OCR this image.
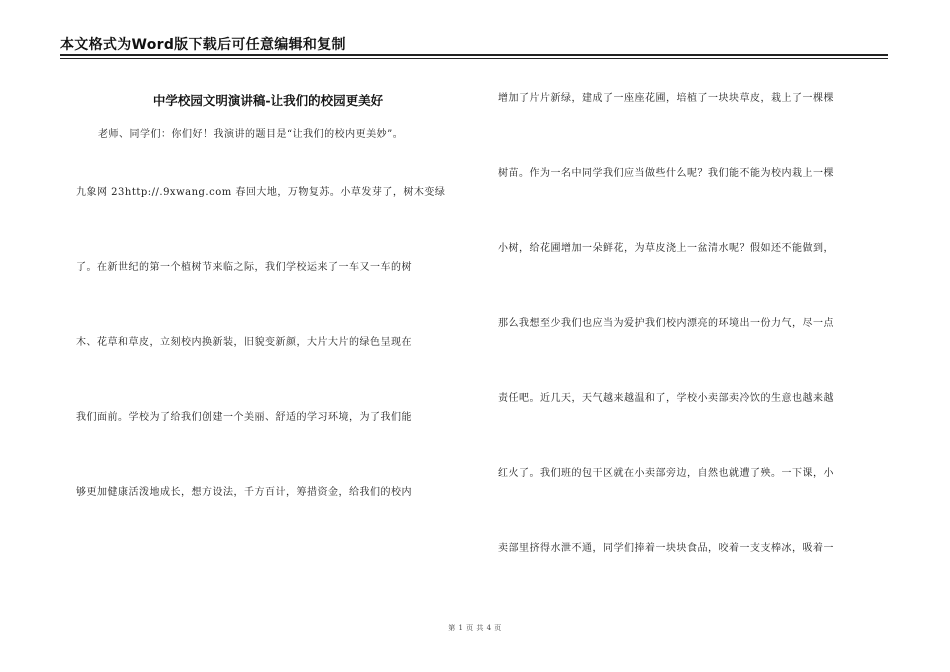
本文格式为Word版下载后可任意编辑和复制
中学校园文明演讲稿-让我们的校园更美好
老师、同学们：你们好！我演讲的题目是“让我们的校内更美妙”。
九象网 23http://.9xwang.com 春回大地，万物复苏。小草发芽了，树木变绿
了。在新世纪的第一个植树节来临之际，我们学校运来了一车又一车的树
木、花草和草皮，立刻校内换新装，旧貌变新颜，大片大片的绿色呈现在
我们面前。学校为了给我们创建一个美丽、舒适的学习环境，为了我们能
够更加健康活泼地成长，想方设法，千方百计，筹措资金，给我们的校内
增加了片片新绿，建成了一座座花圃，培植了一块块草皮，栽上了一棵棵
树苗。作为一名中同学我们应当做些什么呢？我们能不能为校内栽上一棵
小树，给花圃增加一朵鲜花，为草皮浇上一盆清水呢？假如还不能做到，
那么我想至少我们也应当为爱护我们校内漂亮的环境出一份力气，尽一点
责任吧。近几天，天气越来越温和了，学校小卖部卖冷饮的生意也越来越
红火了。我们班的包干区就在小卖部旁边，自然也就遭了殃。一下课，小
卖部里挤得水泄不通，同学们捧着一块块食品，咬着一支支棒冰，吸着一
第 1 页 共 4 页
